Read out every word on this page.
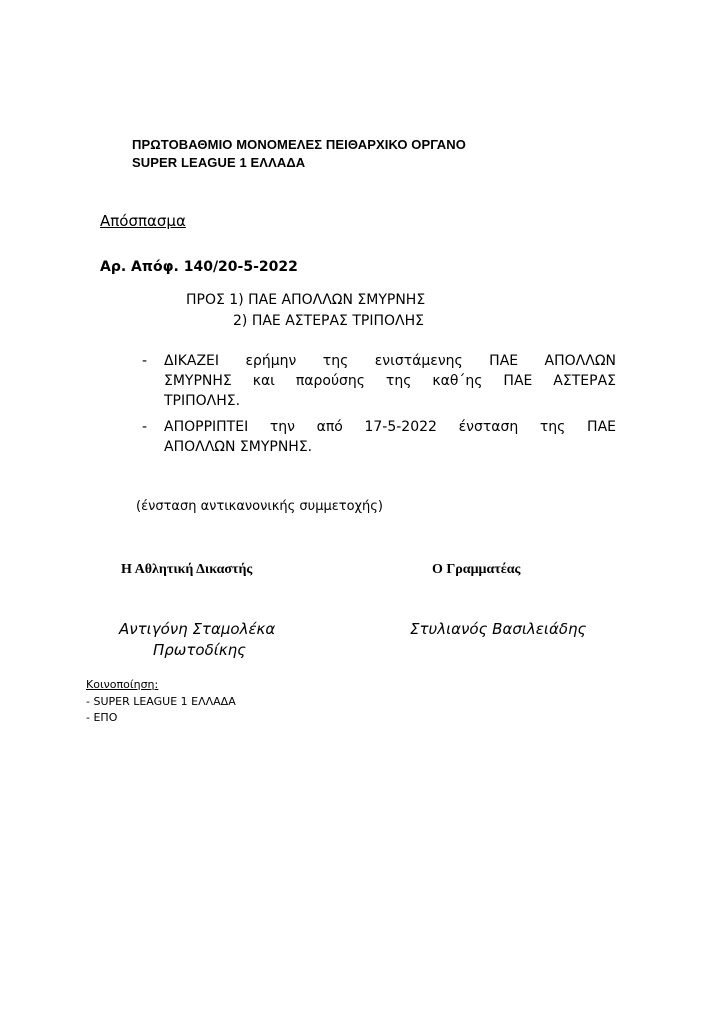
ΠΡΩΤΟΒΑΘΜΙΟ ΜΟΝΟΜΕΛΕΣ ΠΕΙΘΑΡΧΙΚΟ ΟΡΓΑΝΟ
SUPER LEAGUE 1 ΕΛΛΑΔΑ
Απόσπασμα
Αρ. Απόφ. 140/20-5-2022
ΠΡΟΣ 1) ΠΑΕ ΑΠΟΛΛΩΝ ΣΜΥΡΝΗΣ
2) ΠΑΕ ΑΣΤΕΡΑΣ ΤΡΙΠΟΛΗΣ
- ΔΙΚΑΖΕΙ ερήμην της ενιστάμενης ΠΑΕ ΑΠΟΛΛΩΝ
ΣΜΥΡΝΗΣ και παρούσης της καθ΄ης ΠΑΕ ΑΣΤΕΡΑΣ
ΤΡΙΠΟΛΗΣ.
- ΑΠΟΡΡΙΠΤΕΙ την από 17-5-2022 ένσταση της ΠΑΕ
ΑΠΟΛΛΩΝ ΣΜΥΡΝΗΣ.
(ένσταση αντικανονικής συμμετοχής)
Η Αθλητική Δικαστής	Ο Γραμματέας
Αντιγόνη Σταμολέκα
Πρωτοδίκης
Στυλιανός Βασιλειάδης
Κοινοποίηση:
- SUPER LEAGUE 1 ΕΛΛΑΔΑ
- ΕΠΟ
